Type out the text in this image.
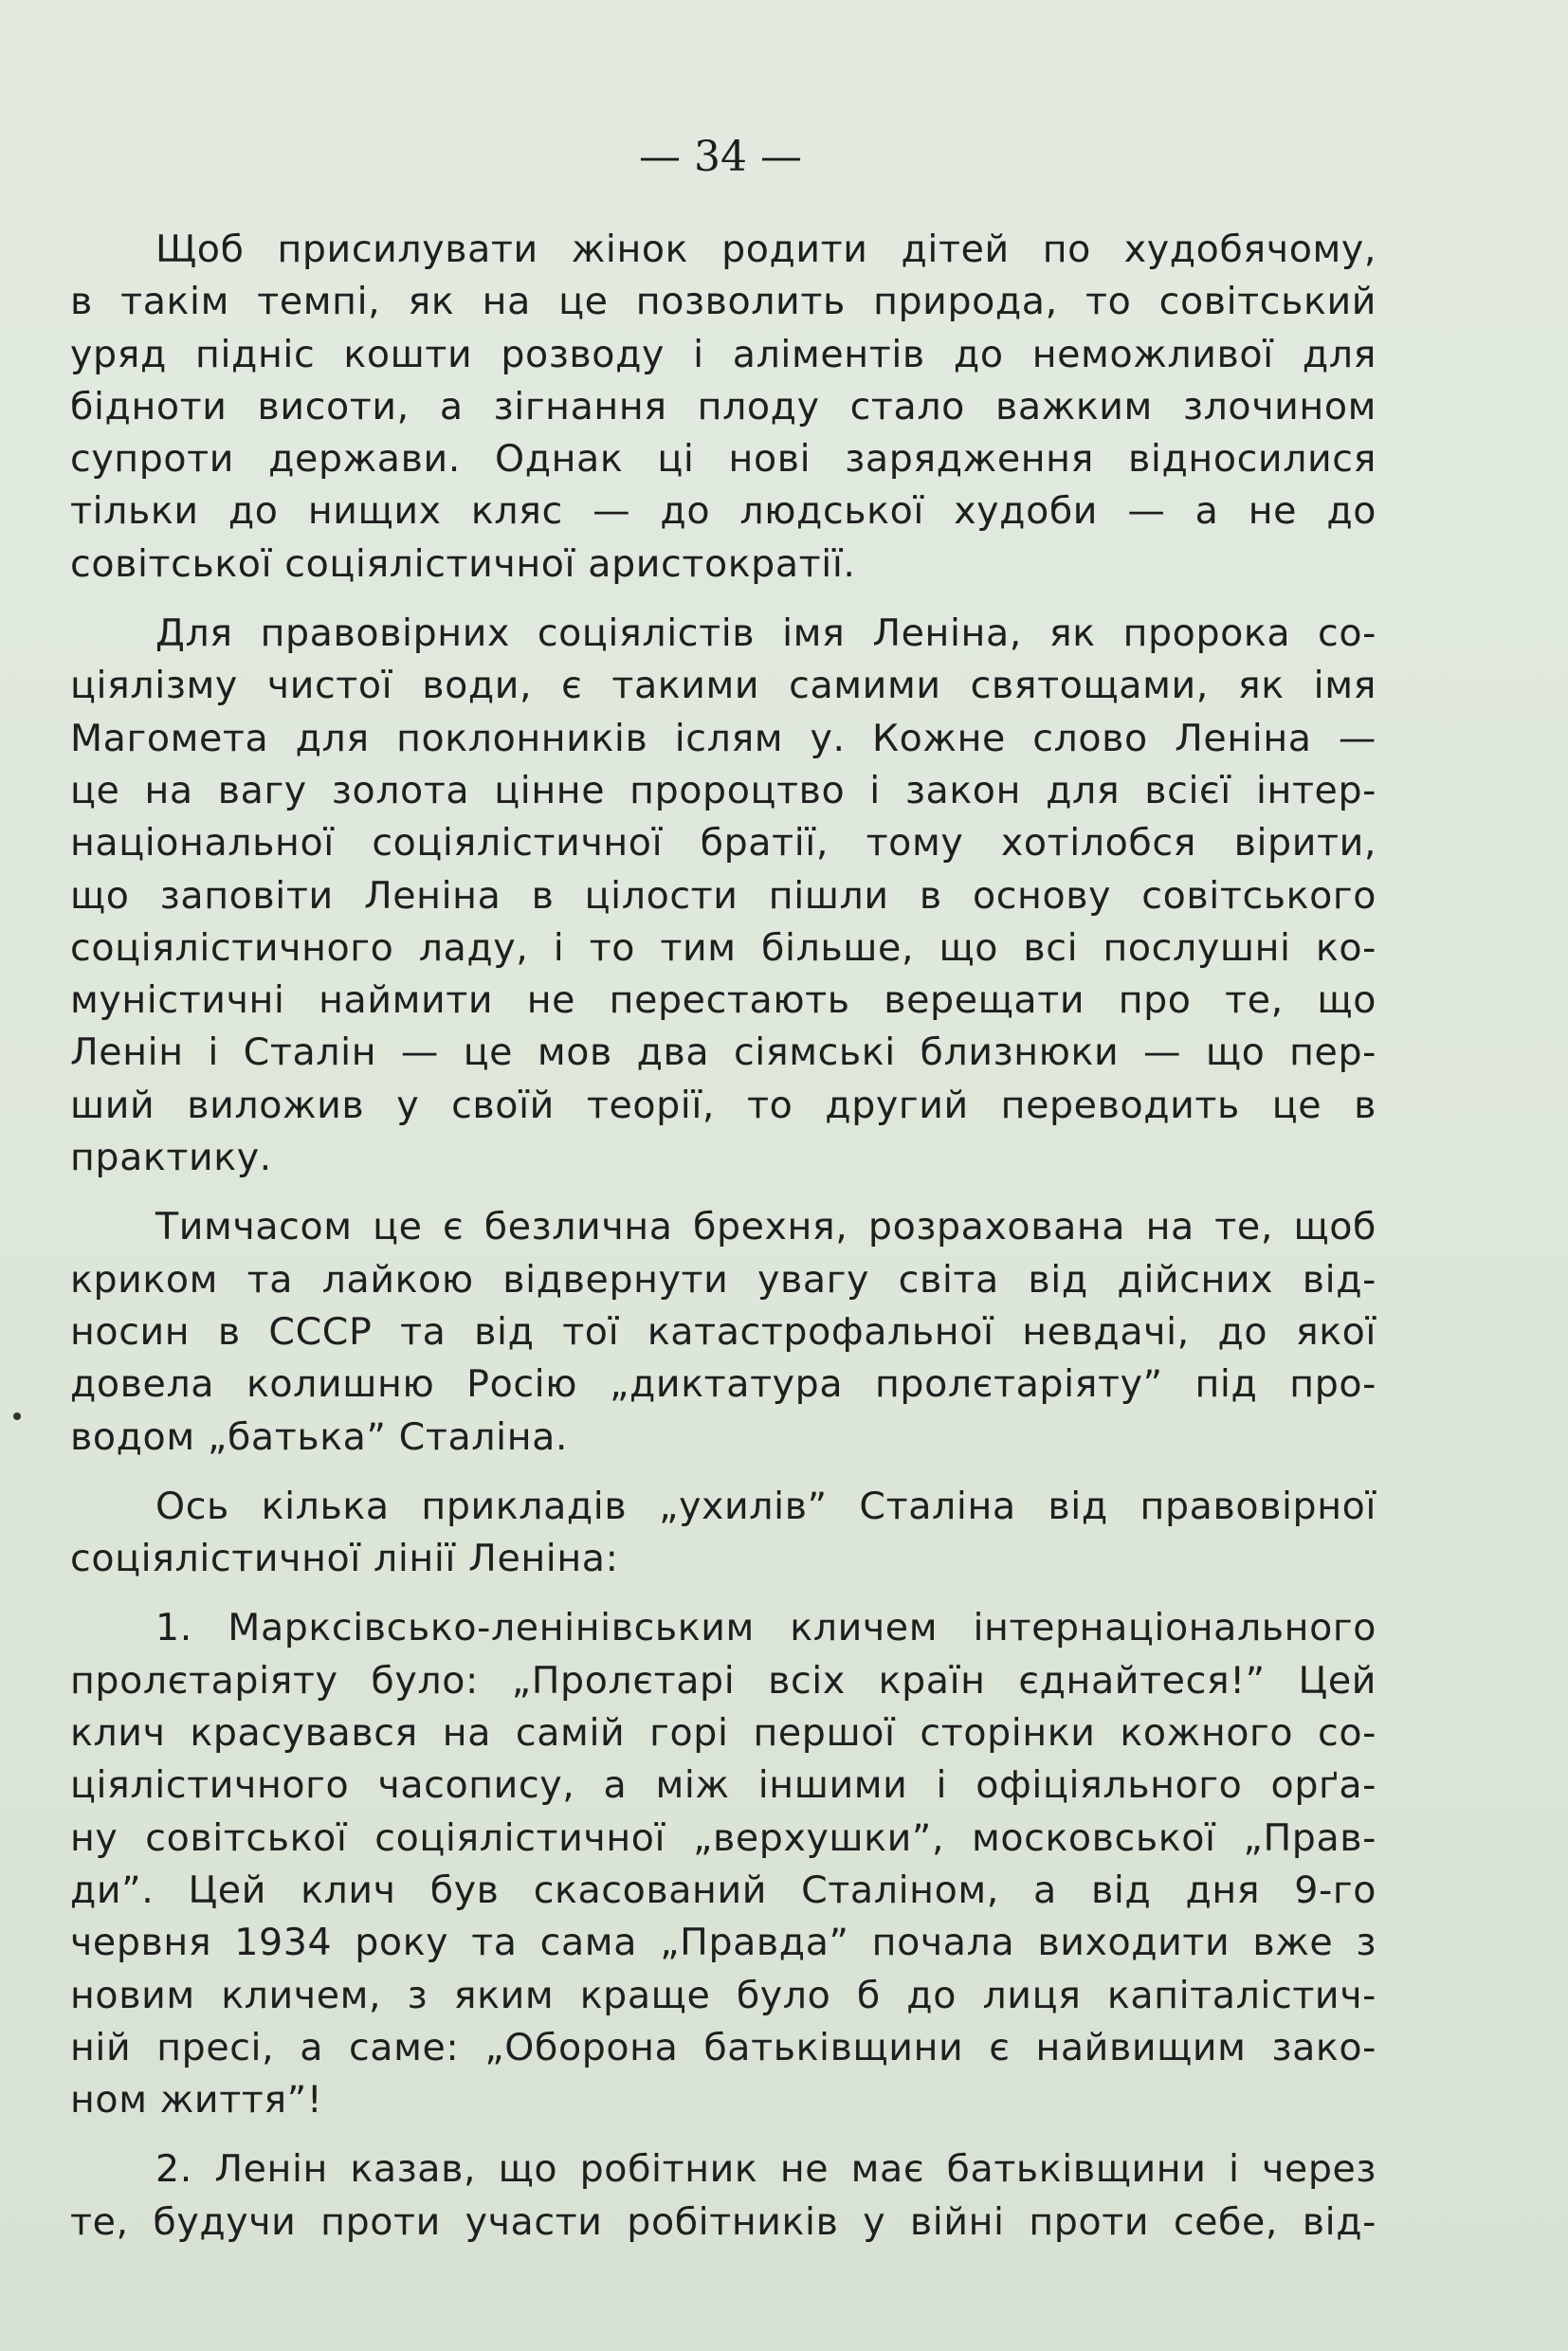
— 34 —
Щоб присилувати жінок родити дітей по худобячому,
в такім темпі, як на це позволить природа, то совітський
уряд підніс кошти розводу і аліментів до неможливої для
бідноти висоти, а зігнання плоду стало важким злочином
супроти держави. Однак ці нові зарядження відносилися
тільки до нищих кляс — до людської худоби — а не до
совітської соціялістичної аристократії.
Для правовірних соціялістів імя Леніна, як пророка со-
ціялізму чистої води, є такими самими святощами, як імя
Магомета для поклонників іслям у. Кожне слово Леніна —
це на вагу золота цінне пророцтво і закон для всієї інтер-
національної соціялістичної братії, тому хотілобся вірити,
що заповіти Леніна в цілости пішли в основу совітського
соціялістичного ладу, і то тим більше, що всі послушні ко-
муністичні наймити не перестають верещати про те, що
Ленін і Сталін — це мов два сіямські близнюки — що пер-
ший виложив у своїй теорії, то другий переводить це в
практику.
Тимчасом це є безлична брехня, розрахована на те, щоб
криком та лайкою відвернути увагу світа від дійсних від-
носин в СССР та від тої катастрофальної невдачі, до якої
довела колишню Росію „диктатура пролєтаріяту” під про-
водом „батька” Сталіна.
Ось кілька прикладів „ухилів” Сталіна від правовірної
соціялістичної лінії Леніна:
1. Марксівсько-ленінівським кличем інтернаціонального
пролєтаріяту було: „Пролєтарі всіх країн єднайтеся!” Цей
клич красувався на самій горі першої сторінки кожного со-
ціялістичного часопису, а між іншими і офіціяльного орґа-
ну совітської соціялістичної „верхушки”, московської „Прав-
ди”. Цей клич був скасований Сталіном, а від дня 9-го
червня 1934 року та сама „Правда” почала виходити вже з
новим кличем, з яким краще було б до лиця капіталістич-
ній пресі, а саме: „Оборона батьківщини є найвищим зако-
ном життя”!
2. Ленін казав, що робітник не має батьківщини і через
те, будучи проти участи робітників у війні проти себе, від-
